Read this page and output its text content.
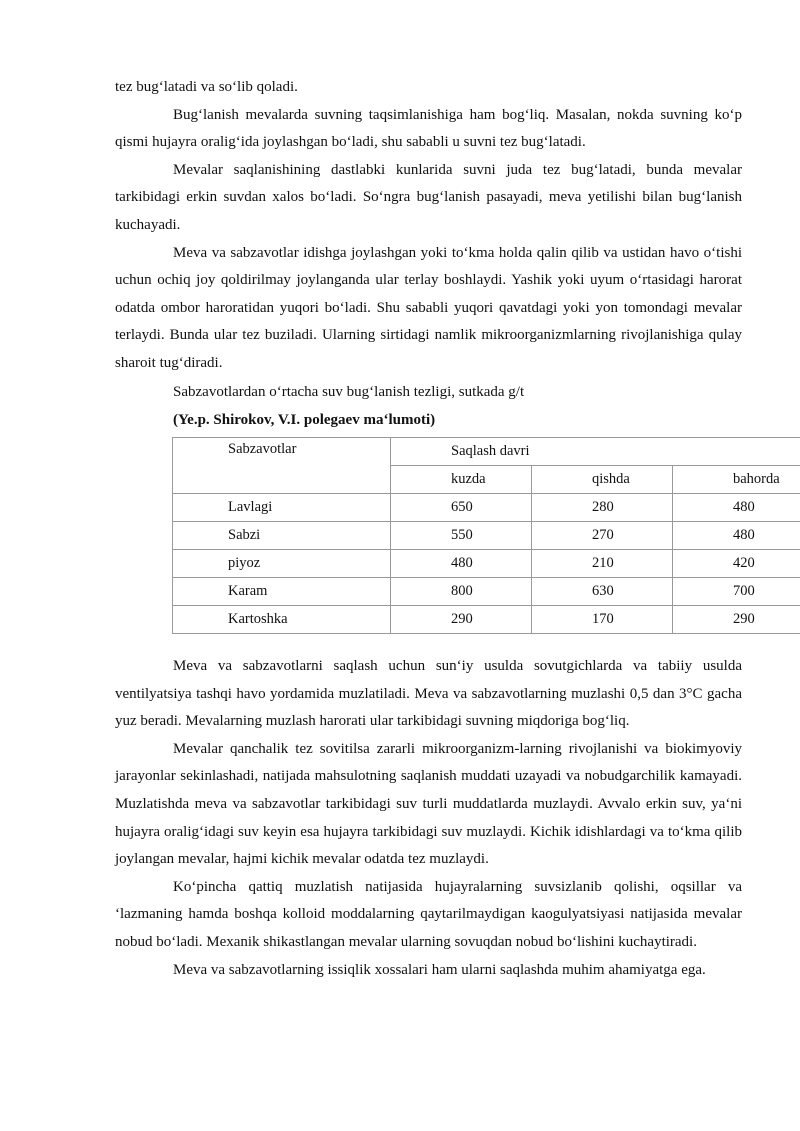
tez bug‘latadi va so‘lib qoladi.

Bug‘lanish mevalarda suvning taqsimlanishiga ham bog‘liq. Masalan, nokda suvning ko‘p qismi hujayra oralig‘ida joylashgan bo‘ladi, shu sababli u suvni tez bug‘latadi.

Mevalar saqlanishining dastlabki kunlarida suvni juda tez bug‘latadi, bunda mevalar tarkibidagi erkin suvdan xalos bo‘ladi. So‘ngra bug‘lanish pasayadi, meva yetilishi bilan bug‘lanish kuchayadi.

Meva va sabzavotlar idishga joylashgan yoki to‘kma holda qalin qilib va ustidan havo o‘tishi uchun ochiq joy qoldirilmay joylanganda ular terlay boshlaydi. Yashik yoki uyum o‘rtasidagi harorat odatda ombor haroratidan yuqori bo‘ladi. Shu sababli yuqori qavatdagi yoki yon tomondagi mevalar terlaydi. Bunda ular tez buziladi. Ularning sirtidagi namlik mikroorganizmlarning rivojlanishiga qulay sharoit tug‘diradi.

Sabzavotlardan o‘rtacha suv bug‘lanish tezligi, sutkada g/t
(Ye.p. Shirokov, V.I. polegaev ma‘lumoti)
Sabzavotlar	Saqlash davri		
	kuzda	qishda	bahorda
Lavlagi	650	280	480
Sabzi	550	270	480
piyoz	480	210	420
Karam	800	630	700
Kartoshka	290	170	290

Meva va sabzavotlarni saqlash uchun sun‘iy usulda sovutgichlarda va tabiiy usulda ventilyatsiya tashqi havo yordamida muzlatiladi. Meva va sabzavotlarning muzlashi 0,5 dan 3°C gacha yuz beradi. Mevalarning muzlash harorati ular tarkibidagi suvning miqdoriga bog‘liq.

Mevalar qanchalik tez sovitilsa zararli mikroorganizm-larning rivojlanishi va biokimyoviy jarayonlar sekinlashadi, natijada mahsulotning saqlanish muddati uzayadi va nobudgarchilik kamayadi. Muzlatishda meva va sabzavotlar tarkibidagi suv turli muddatlarda muzlaydi. Avvalo erkin suv, ya‘ni hujayra oralig‘idagi suv keyin esa hujayra tarkibidagi suv muzlaydi. Kichik idishlardagi va to‘kma qilib joylangan mevalar, hajmi kichik mevalar odatda tez muzlaydi.

Ko‘pincha qattiq muzlatish natijasida hujayralarning suvsizlanib qolishi, oqsillar va ‘lazmaning hamda boshqa kolloid moddalarning qaytarilmaydigan kaogulyatsiyasi natijasida mevalar nobud bo‘ladi. Mexanik shikastlangan mevalar ularning sovuqdan nobud bo‘lishini kuchaytiradi.

Meva va sabzavotlarning issiqlik xossalari ham ularni saqlashda muhim ahamiyatga ega.
